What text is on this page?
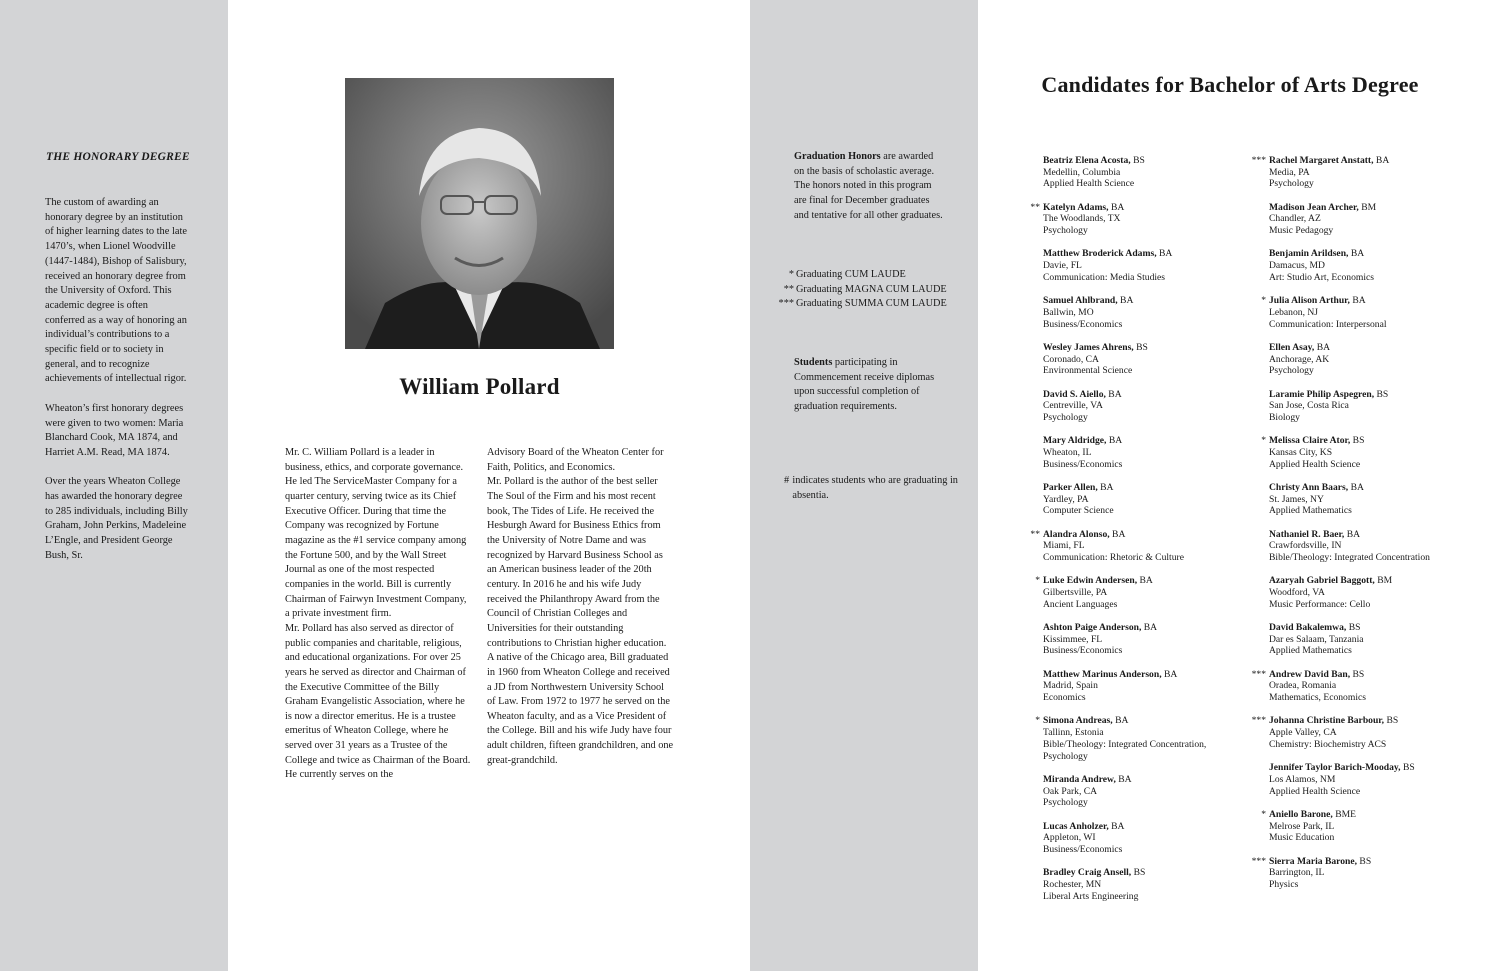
THE HONORARY DEGREE

The custom of awarding an honorary degree by an institution of higher learning dates to the late 1470’s, when Lionel Woodville (1447-1484), Bishop of Salisbury, received an honorary degree from the University of Oxford. This academic degree is often conferred as a way of honoring an individual’s contributions to a specific field or to society in general, and to recognize achievements of intellectual rigor.

Wheaton’s first honorary degrees were given to two women: Maria Blanchard Cook, MA 1874, and Harriet A.M. Read, MA 1874.

Over the years Wheaton College has awarded the honorary degree to 285 individuals, including Billy Graham, John Perkins, Madeleine L’Engle, and President George Bush, Sr.

William Pollard
Mr. C. William Pollard is a leader in business, ethics, and corporate governance. He led The ServiceMaster Company for a quarter century, serving twice as its Chief Executive Officer. During that time the Company was recognized by Fortune magazine as the #1 service company among the Fortune 500, and by the Wall Street Journal as one of the most respected companies in the world. Bill is currently Chairman of Fairwyn Investment Company, a private investment firm.
Mr. Pollard has also served as director of public companies and charitable, religious, and educational organizations. For over 25 years he served as director and Chairman of the Executive Committee of the Billy Graham Evangelistic Association, where he is now a director emeritus. He is a trustee emeritus of Wheaton College, where he served over 31 years as a Trustee of the College and twice as Chairman of the Board. He currently serves on the
Advisory Board of the Wheaton Center for Faith, Politics, and Economics.
Mr. Pollard is the author of the best seller The Soul of the Firm and his most recent book, The Tides of Life. He received the Hesburgh Award for Business Ethics from the University of Notre Dame and was recognized by Harvard Business School as an American business leader of the 20th century. In 2016 he and his wife Judy received the Philanthropy Award from the Council of Christian Colleges and Universities for their outstanding contributions to Christian higher education.
A native of the Chicago area, Bill graduated in 1960 from Wheaton College and received a JD from Northwestern University School of Law. From 1972 to 1977 he served on the Wheaton faculty, and as a Vice President of the College. Bill and his wife Judy have four adult children, fifteen grandchildren, and one great-grandchild.
Graduation Honors are awarded on the basis of scholastic average. The honors noted in this program are final for December graduates and tentative for all other graduates.
* Graduating CUM LAUDE
** Graduating MAGNA CUM LAUDE
*** Graduating SUMMA CUM LAUDE
Students participating in Commencement receive diplomas upon successful completion of graduation requirements.
# indicates students who are graduating in absentia.
Candidates for Bachelor of Arts Degree
Beatriz Elena Acosta, BS
Medellin, Columbia
Applied Health Science
** Katelyn Adams, BA
The Woodlands, TX
Psychology
Matthew Broderick Adams, BA
Davie, FL
Communication: Media Studies
Samuel Ahlbrand, BA
Ballwin, MO
Business/Economics
Wesley James Ahrens, BS
Coronado, CA
Environmental Science
David S. Aiello, BA
Centreville, VA
Psychology
Mary Aldridge, BA
Wheaton, IL
Business/Economics
Parker Allen, BA
Yardley, PA
Computer Science
** Alandra Alonso, BA
Miami, FL
Communication: Rhetoric & Culture
* Luke Edwin Andersen, BA
Gilbertsville, PA
Ancient Languages
Ashton Paige Anderson, BA
Kissimmee, FL
Business/Economics
Matthew Marinus Anderson, BA
Madrid, Spain
Economics
* Simona Andreas, BA
Tallinn, Estonia
Bible/Theology: Integrated Concentration,
Psychology
Miranda Andrew, BA
Oak Park, CA
Psychology
Lucas Anholzer, BA
Appleton, WI
Business/Economics
Bradley Craig Ansell, BS
Rochester, MN
Liberal Arts Engineering
*** Rachel Margaret Anstatt, BA
Media, PA
Psychology
Madison Jean Archer, BM
Chandler, AZ
Music Pedagogy
Benjamin Arildsen, BA
Damacus, MD
Art: Studio Art, Economics
* Julia Alison Arthur, BA
Lebanon, NJ
Communication: Interpersonal
Ellen Asay, BA
Anchorage, AK
Psychology
Laramie Philip Aspegren, BS
San Jose, Costa Rica
Biology
* Melissa Claire Ator, BS
Kansas City, KS
Applied Health Science
Christy Ann Baars, BA
St. James, NY
Applied Mathematics
Nathaniel R. Baer, BA
Crawfordsville, IN
Bible/Theology: Integrated Concentration
Azaryah Gabriel Baggott, BM
Woodford, VA
Music Performance: Cello
David Bakalemwa, BS
Dar es Salaam, Tanzania
Applied Mathematics
*** Andrew David Ban, BS
Oradea, Romania
Mathematics, Economics
*** Johanna Christine Barbour, BS
Apple Valley, CA
Chemistry: Biochemistry ACS
Jennifer Taylor Barich-Mooday, BS
Los Alamos, NM
Applied Health Science
* Aniello Barone, BME
Melrose Park, IL
Music Education
*** Sierra Maria Barone, BS
Barrington, IL
Physics
